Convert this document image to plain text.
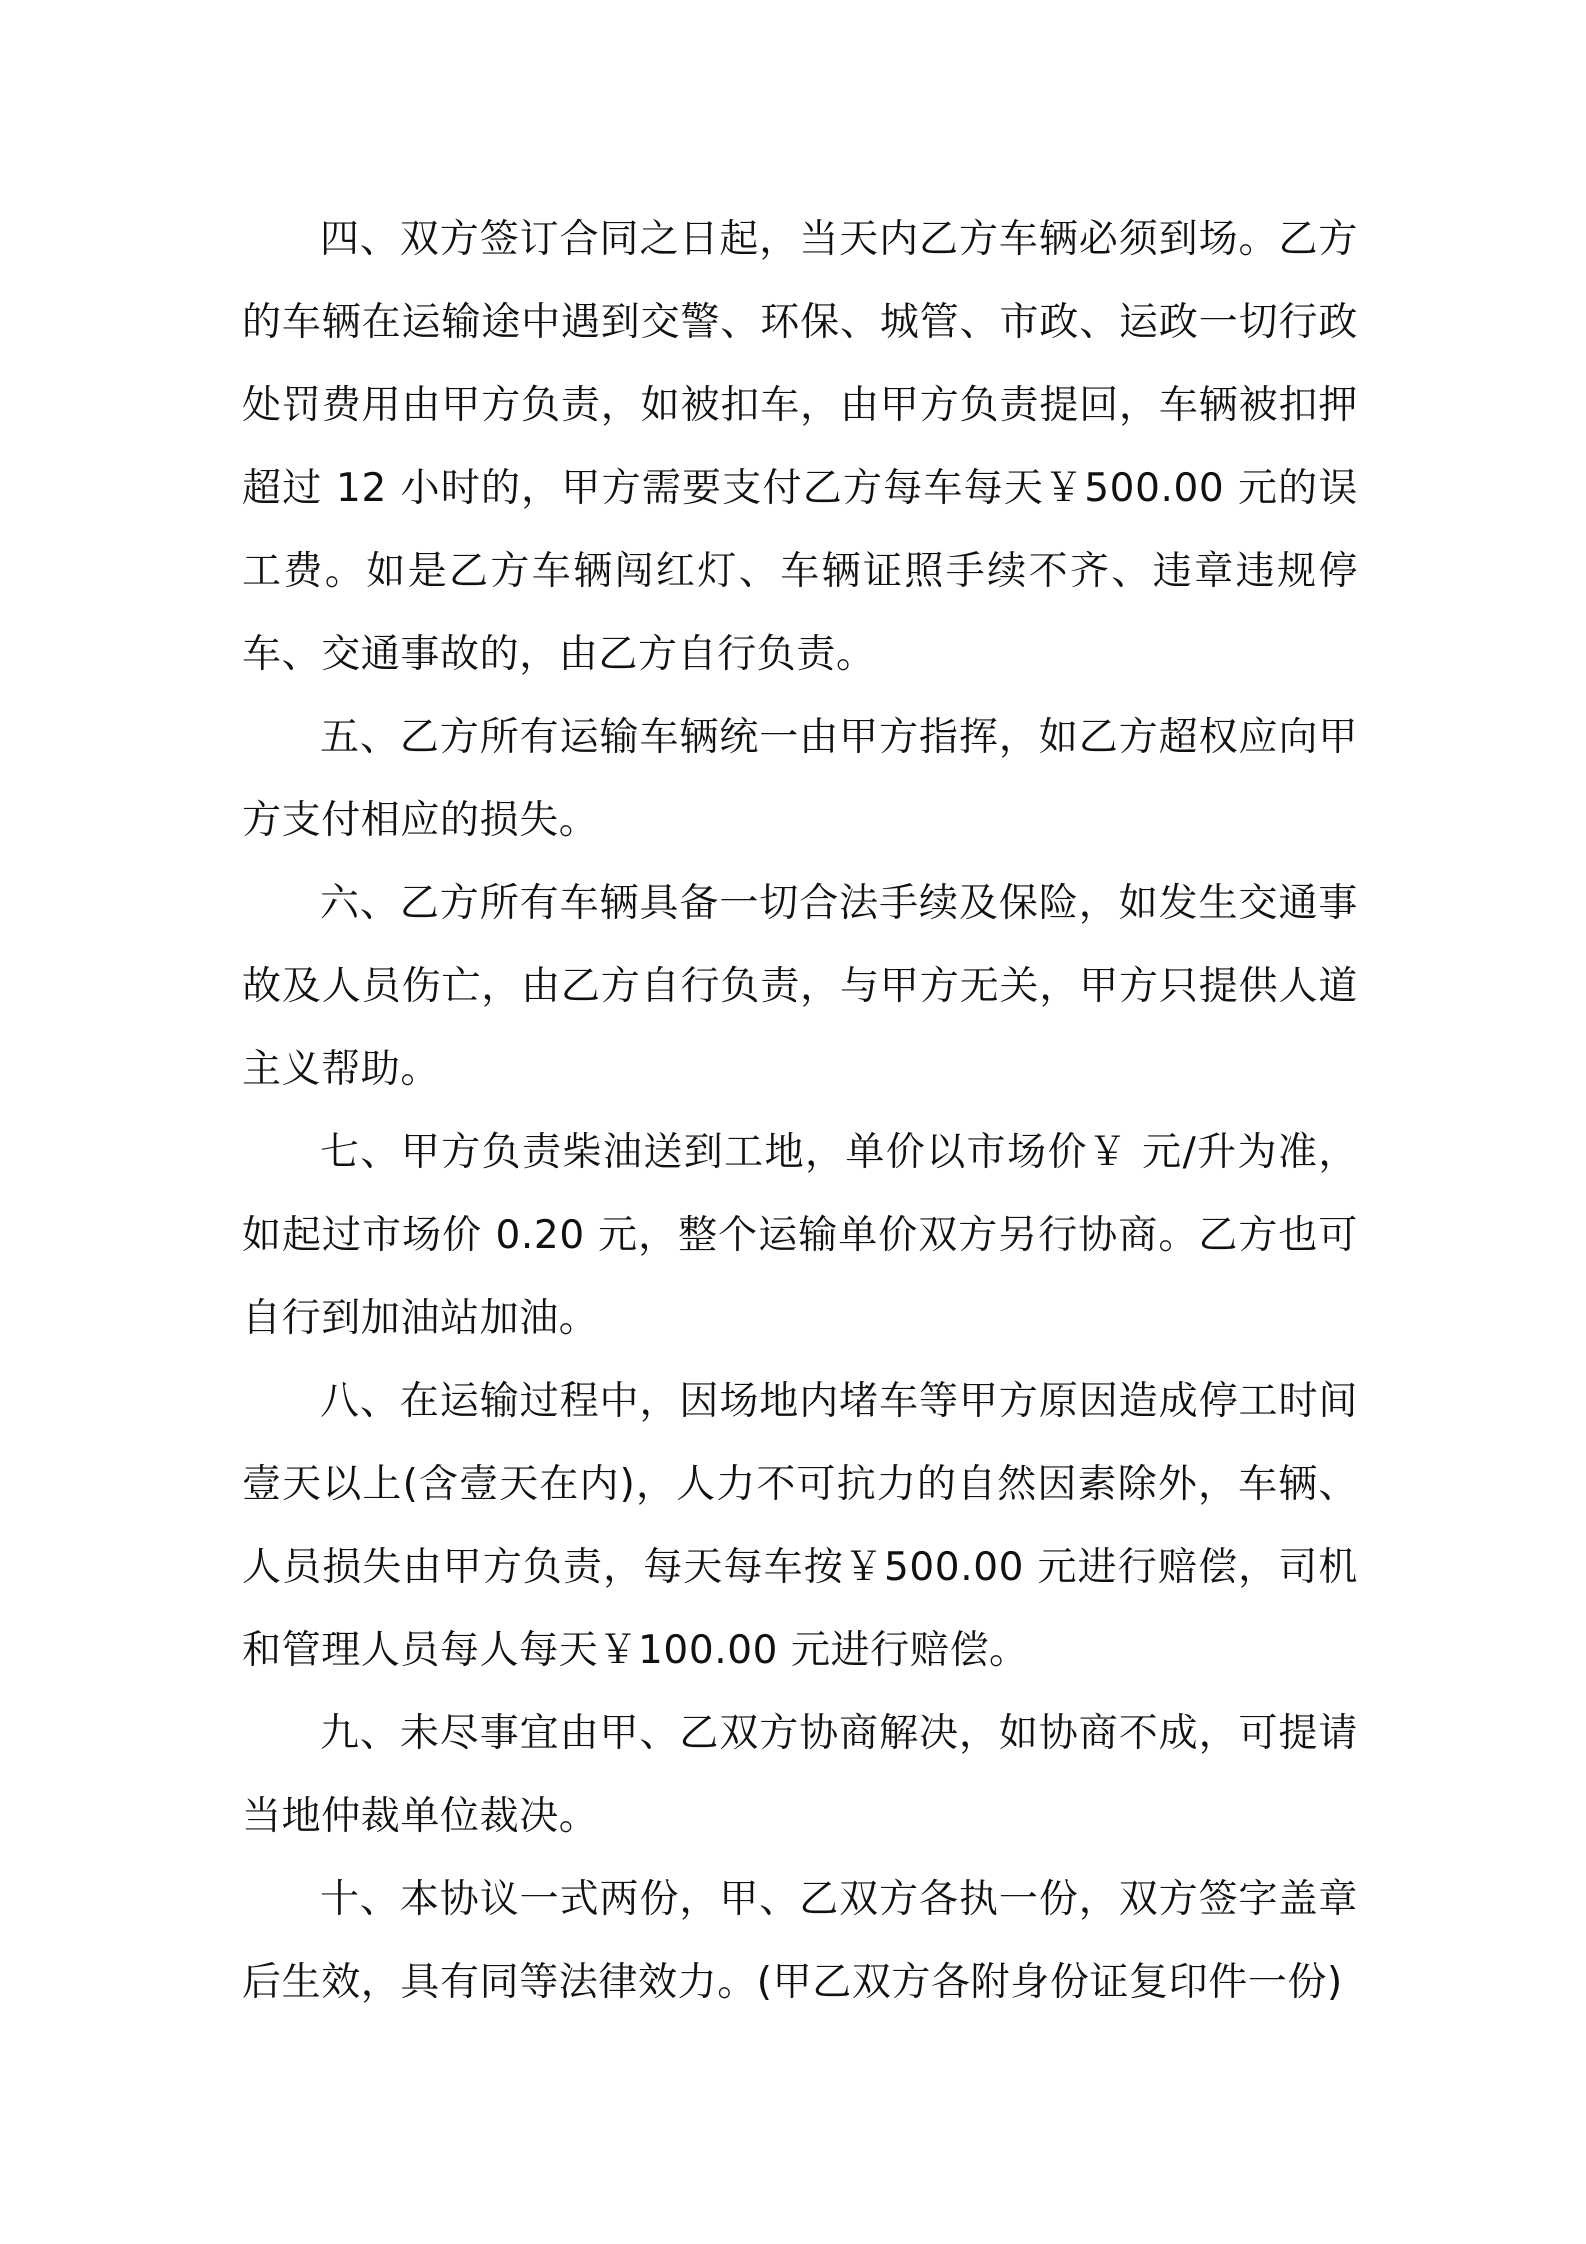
四、双方签订合同之日起，当天内乙方车辆必须到场。乙方的车辆在运输途中遇到交警、环保、城管、市政、运政一切行政处罚费用由甲方负责，如被扣车，由甲方负责提回，车辆被扣押超过 12 小时的，甲方需要支付乙方每车每天￥500.00 元的误工费。如是乙方车辆闯红灯、车辆证照手续不齐、违章违规停车、交通事故的，由乙方自行负责。

五、乙方所有运输车辆统一由甲方指挥，如乙方超权应向甲方支付相应的损失。

六、乙方所有车辆具备一切合法手续及保险，如发生交通事故及人员伤亡，由乙方自行负责，与甲方无关，甲方只提供人道主义帮助。

七、甲方负责柴油送到工地，单价以市场价￥ 元/升为准，如起过市场价 0.20 元，整个运输单价双方另行协商。乙方也可自行到加油站加油。

八、在运输过程中，因场地内堵车等甲方原因造成停工时间壹天以上(含壹天在内)，人力不可抗力的自然因素除外，车辆、人员损失由甲方负责，每天每车按￥500.00 元进行赔偿，司机和管理人员每人每天￥100.00 元进行赔偿。

九、未尽事宜由甲、乙双方协商解决，如协商不成，可提请当地仲裁单位裁决。

十、本协议一式两份，甲、乙双方各执一份，双方签字盖章后生效，具有同等法律效力。(甲乙双方各附身份证复印件一份)
